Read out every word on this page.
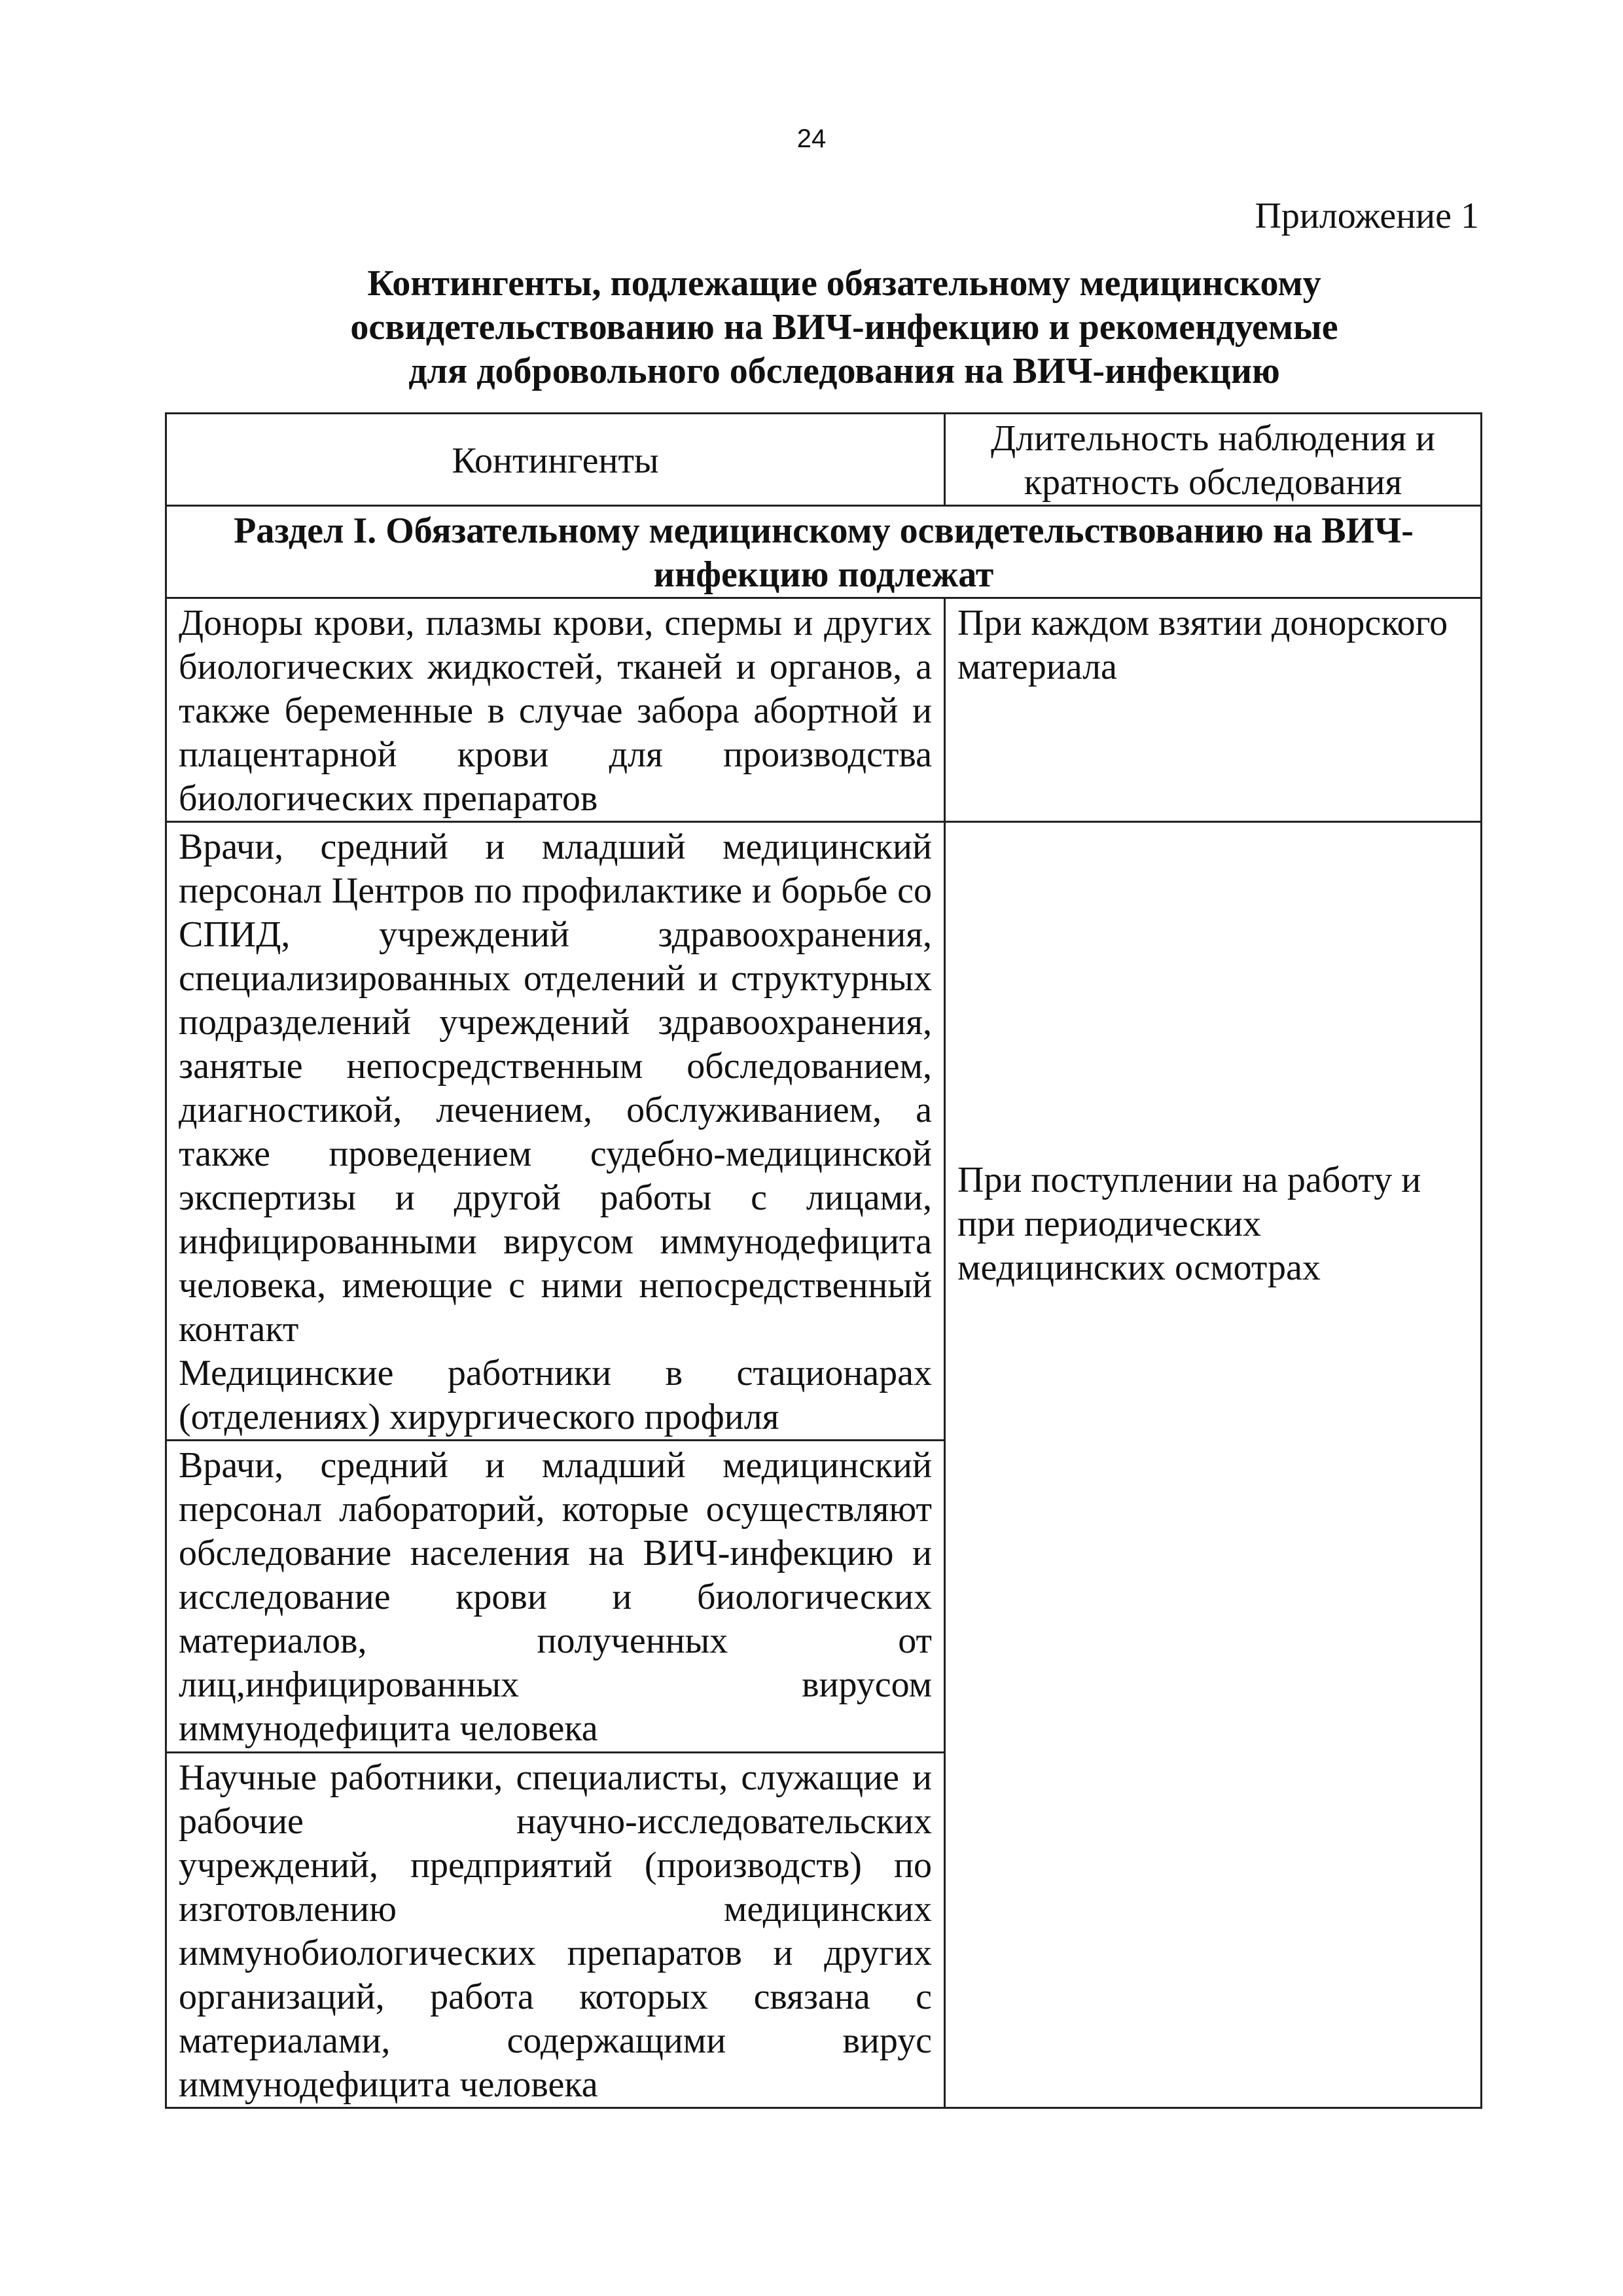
24
Приложение 1
Контингенты, подлежащие обязательному медицинскому
освидетельствованию на ВИЧ-инфекцию и рекомендуемые
для добровольного обследования на ВИЧ-инфекцию
Контингенты	Длительность наблюдения и кратность обследования
Раздел I. Обязательному медицинскому освидетельствованию на ВИЧ-инфекцию подлежат	
Доноры крови, плазмы крови, спермы и других биологических жидкостей, тканей и органов, а также беременные в случае забора абортной и плацентарной крови для производства биологических препаратов	При каждом взятии донорского материала

Врачи, средний и младший медицинский персонал Центров по профилактике и борьбе со СПИД, учреждений здравоохранения, специализированных отделений и структурных подразделений учреждений здравоохранения, занятые непосредственным обследованием, диагностикой, лечением, обслуживанием, а также проведением судебно-медицинской экспертизы и другой работы с лицами, инфицированными вирусом иммунодефицита человека, имеющие с ними непосредственный контакт
Медицинские работники в стационарах (отделениях) хирургического профиля	При поступлении на работу и при периодических медицинских осмотрах

Врачи, средний и младший медицинский персонал лабораторий, которые осуществляют обследование населения на ВИЧ-инфекцию и исследование крови и биологических материалов, полученных от лиц,инфицированных вирусом иммунодефицита человека	
Научные работники, специалисты, служащие и рабочие научно-исследовательских учреждений, предприятий (производств) по изготовлению медицинских иммунобиологических препаратов и других организаций, работа которых связана с материалами, содержащими вирус иммунодефицита человека	
